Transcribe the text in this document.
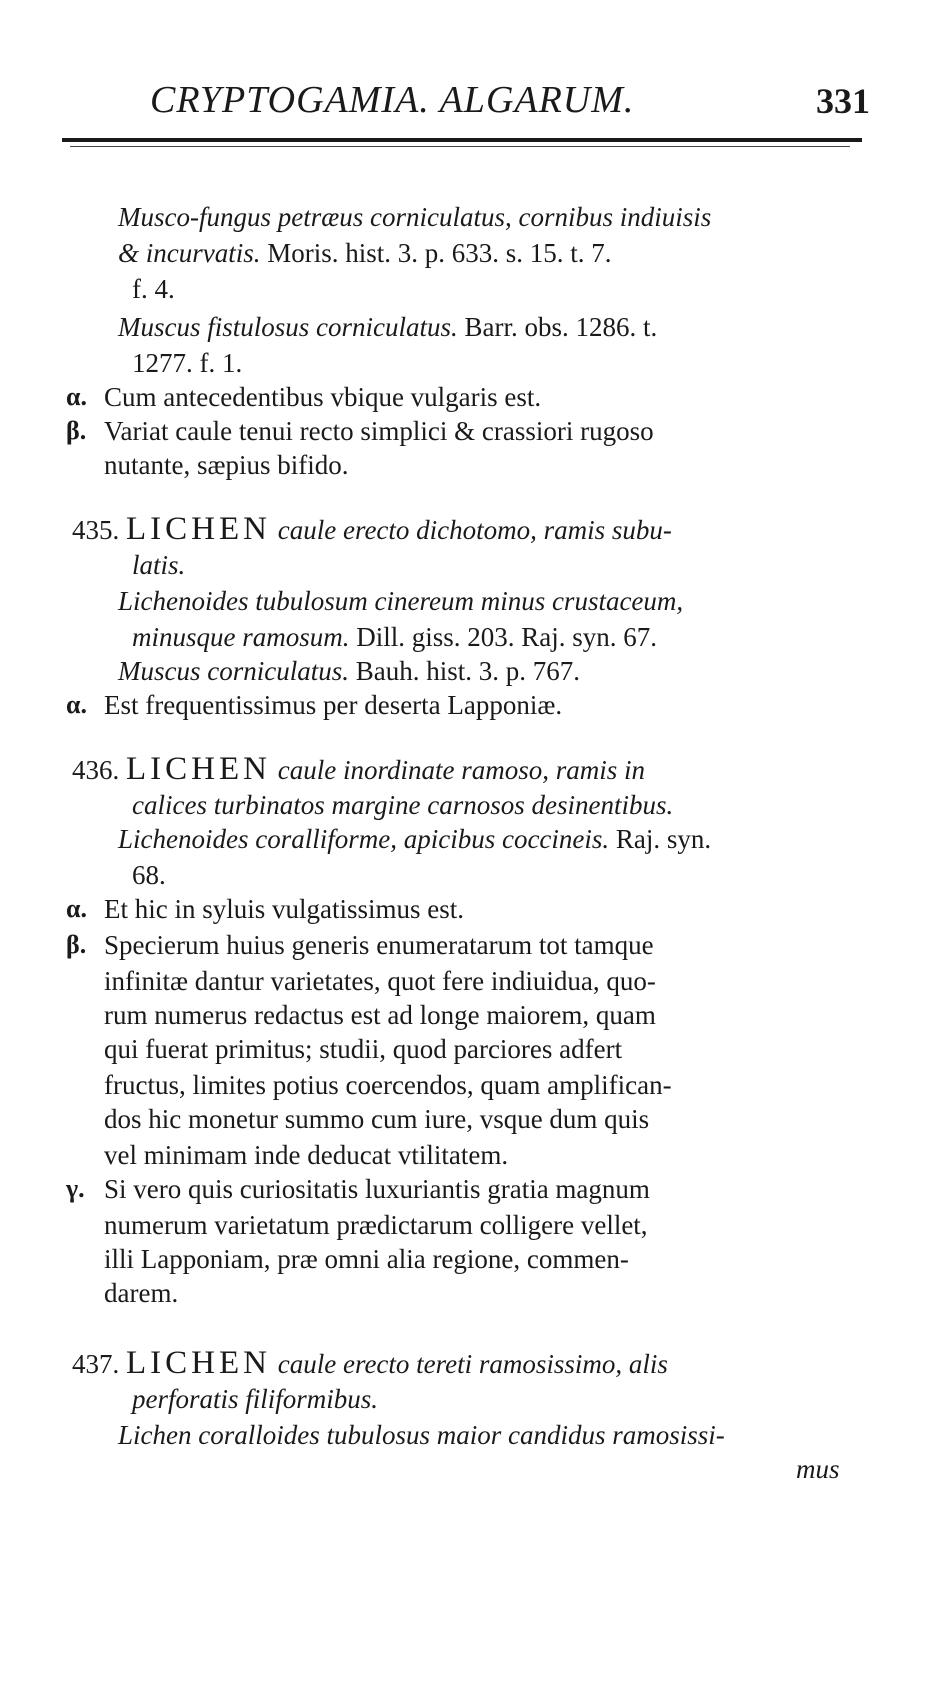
CRYPTOGAMIA. ALGARUM.	331
Musco-fungus petræus corniculatus, cornibus indiuisis
& incurvatis. Moris. hist. 3. p. 633. s. 15. t. 7.
f. 4.
Muscus fistulosus corniculatus. Barr. obs. 1286. t.
1277. f. 1.
Cum antecedentibus vbique vulgaris est.
α.
Variat caule tenui recto simplici & crassiori rugoso
β.
nutante, sæpius bifido.
435. LICHEN caule erecto dichotomo, ramis subu-
latis.
Lichenoides tubulosum cinereum minus crustaceum,
minusque ramosum. Dill. giss. 203. Raj. syn. 67.
Muscus corniculatus. Bauh. hist. 3. p. 767.
Est frequentissimus per deserta Lapponiæ.
α.
436. LICHEN caule inordinate ramoso, ramis in
calices turbinatos margine carnosos desinentibus.
Lichenoides coralliforme, apicibus coccineis. Raj. syn.
68.
Et hic in syluis vulgatissimus est.
α.
Specierum huius generis enumeratarum tot tamque
β.
infinitæ dantur varietates, quot fere indiuidua, quo-
rum numerus redactus est ad longe maiorem, quam
qui fuerat primitus; studii, quod parciores adfert
fructus, limites potius coercendos, quam amplifican-
dos hic monetur summo cum iure, vsque dum quis
vel minimam inde deducat vtilitatem.
Si vero quis curiositatis luxuriantis gratia magnum
γ.
numerum varietatum prædictarum colligere vellet,
illi Lapponiam, præ omni alia regione, commen-
darem.
437. LICHEN caule erecto tereti ramosissimo, alis
perforatis filiformibus.
Lichen coralloides tubulosus maior candidus ramosissi-
mus
